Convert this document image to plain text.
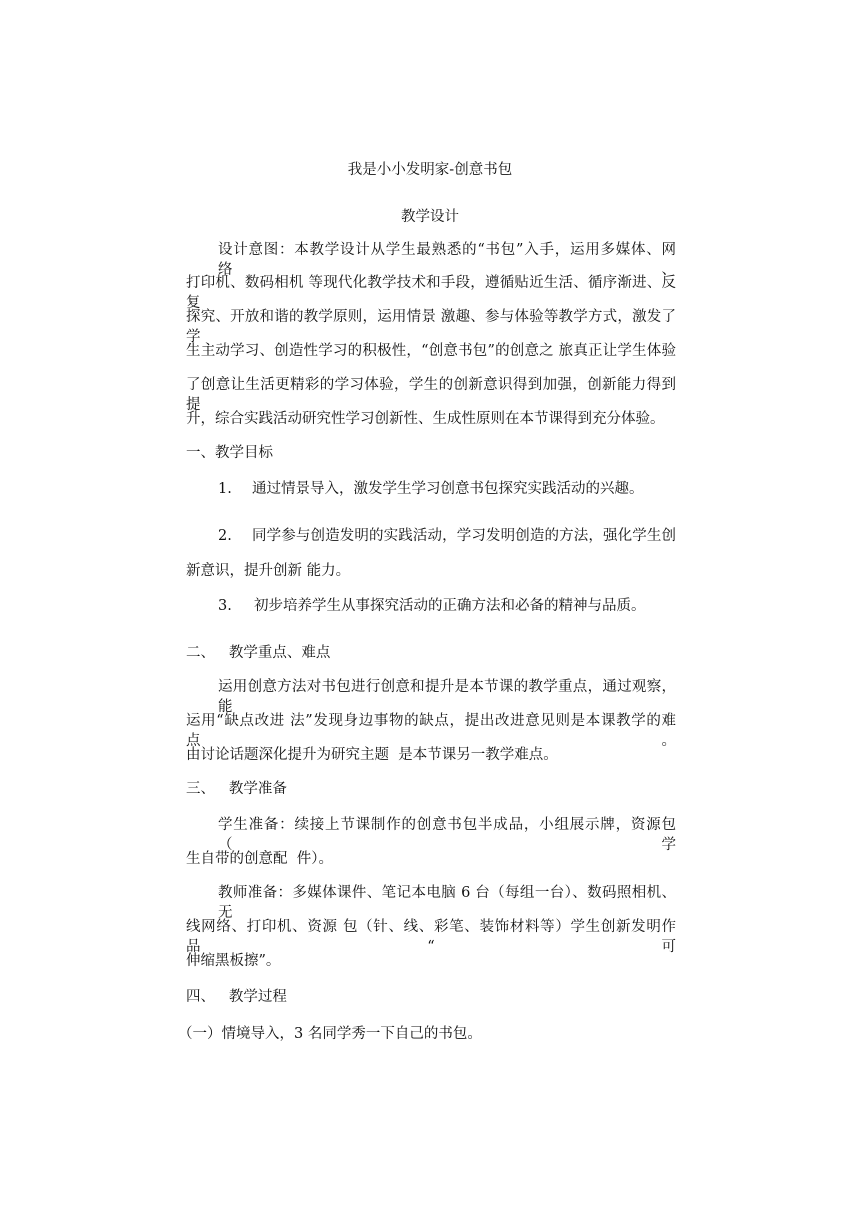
我是小小发明家-创意书包
教学设计
设计意图：本教学设计从学生最熟悉的“书包”入手，运用多媒体、网络、
打印机、数码相机 等现代化教学技术和手段，遵循贴近生活、循序渐进、反复
探究、开放和谐的教学原则，运用情景 激趣、参与体验等教学方式，激发了学
生主动学习、创造性学习的积极性，“创意书包”的创意之 旅真正让学生体验
了创意让生活更精彩的学习体验，学生的创新意识得到加强，创新能力得到 提
升，综合实践活动研究性学习创新性、生成性原则在本节课得到充分体验。
一、教学目标
1. 通过情景导入，激发学生学习创意书包探究实践活动的兴趣。
2. 同学参与创造发明的实践活动，学习发明创造的方法，强化学生创
新意识，提升创新 能力。
3. 初步培养学生从事探究活动的正确方法和必备的精神与品质。
二、   教学重点、难点
运用创意方法对书包进行创意和提升是本节课的教学重点，通过观察，能
运用“缺点改进 法”发现身边事物的缺点，提出改进意见则是本课教学的难点。
由讨论话题深化提升为研究主题  是本节课另一教学难点。
三、   教学准备
学生准备：续接上节课制作的创意书包半成品，小组展示牌，资源包（学
生自带的创意配  件）。
教师准备：多媒体课件、笔记本电脑 6 台（每组一台）、数码照相机、无
线网络、打印机、资源 包（针、线、彩笔、装饰材料等）学生创新发明作品“可
伸缩黑板擦”。
四、   教学过程
（一）情境导入，3 名同学秀一下自己的书包。
